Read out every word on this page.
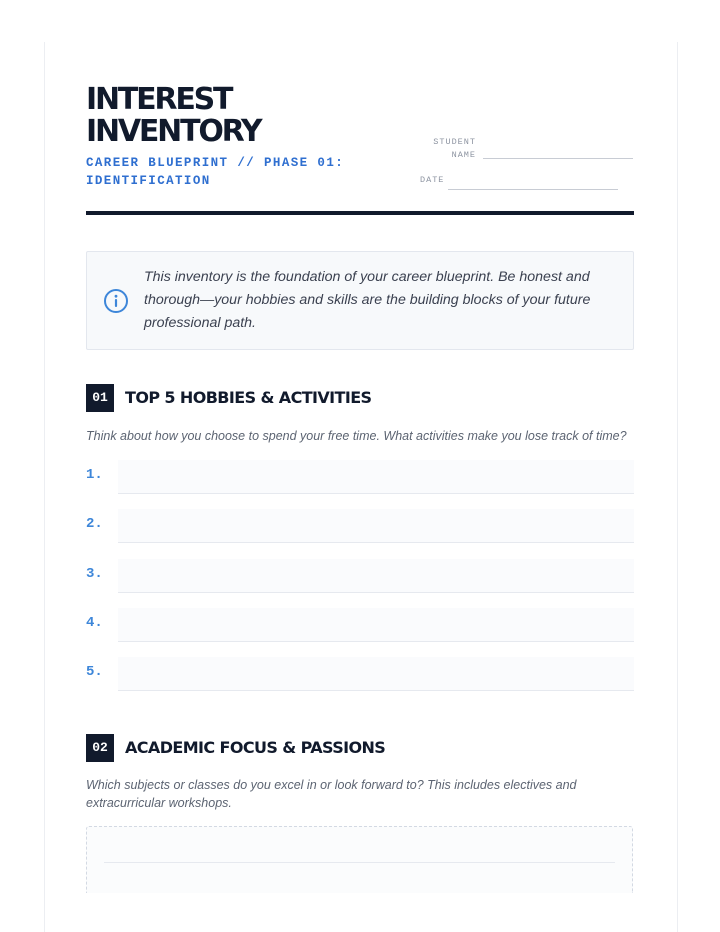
INTEREST
INVENTORY
CAREER BLUEPRINT // PHASE 01:
IDENTIFICATION
STUDENT
NAME
DATE
This inventory is the foundation of your career blueprint. Be honest and thorough—your hobbies and skills are the building blocks of your future professional path.
01	TOP 5 HOBBIES & ACTIVITIES
Think about how you choose to spend your free time. What activities make you lose track of time?
1.
2.
3.
4.
5.
02	ACADEMIC FOCUS & PASSIONS
Which subjects or classes do you excel in or look forward to? This includes electives and extracurricular workshops.
